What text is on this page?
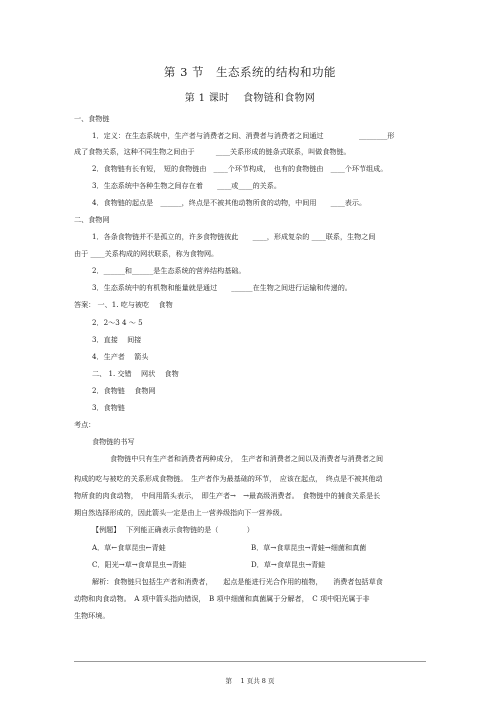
第 3 节　生态系统的结构和功能
第 1 课时　 食物链和食物网
一、食物链
1．定义：在生态系统中，生产者与消费者之间、消费者与消费者之间通过　　　　　________形
成了食物关系，这种不同生物之间由于　　　____关系形成的链条式联系，叫做食物链。
2．食物链有长有短，　短的食物链由　____个环节构成，　也有的食物链由　____个环节组成。
3．生态系统中各种生物之间存在着　　____或____的关系。
4．食物链的起点是　______，终点是不被其他动物所食的动物，中间用　　____表示。
二、食物网
1．各条食物链并不是孤立的，许多食物链彼此　　____，形成复杂的 ____联系，生物之间
由于 ____关系构成的网状联系，称为食物网。
2．______和______是生态系统的营养结构基础。
3．生态系统中的有机物和能量就是通过　　______在生物之间进行运输和传递的。
答案： 一、1. 吃与被吃　 食物
2．2～3 4 ～ 5
3．直接　 间接
4．生产者　 箭头
二、 1. 交错　 网状　 食物
2．食物链　 食物网
3．食物链
考点：
食物链的书写
食物链中只有生产者和消费者两种成分，　生产者和消费者之间以及消费者与消费者之间
构成的吃与被吃的关系形成食物链。　生产者作为最基础的环节，　应该在起点，　终点是不被其他动
物所食的肉食动物，　中间用箭头表示，　即生产者→　→最高级消费者。　食物链中的捕食关系是长
期自然选择形成的，因此箭头一定是由上一营养级指向下一营养级。
【例题】　 下列能正确表示食物链的是（　　　　）
A．草←食草昆虫←青蛙	B．草→食草昆虫→青蛙→细菌和真菌
C．阳光→草→食草昆虫→青蛙	D．草→食草昆虫→青蛙
解析：食物链只包括生产者和消费者，　　起点是能进行光合作用的植物，　　消费者包括草食
动物和肉食动物。　A 项中箭头指向错误，　B 项中细菌和真菌属于分解者，　C 项中阳光属于非
生物环境。
第　 1 页共 8 页
